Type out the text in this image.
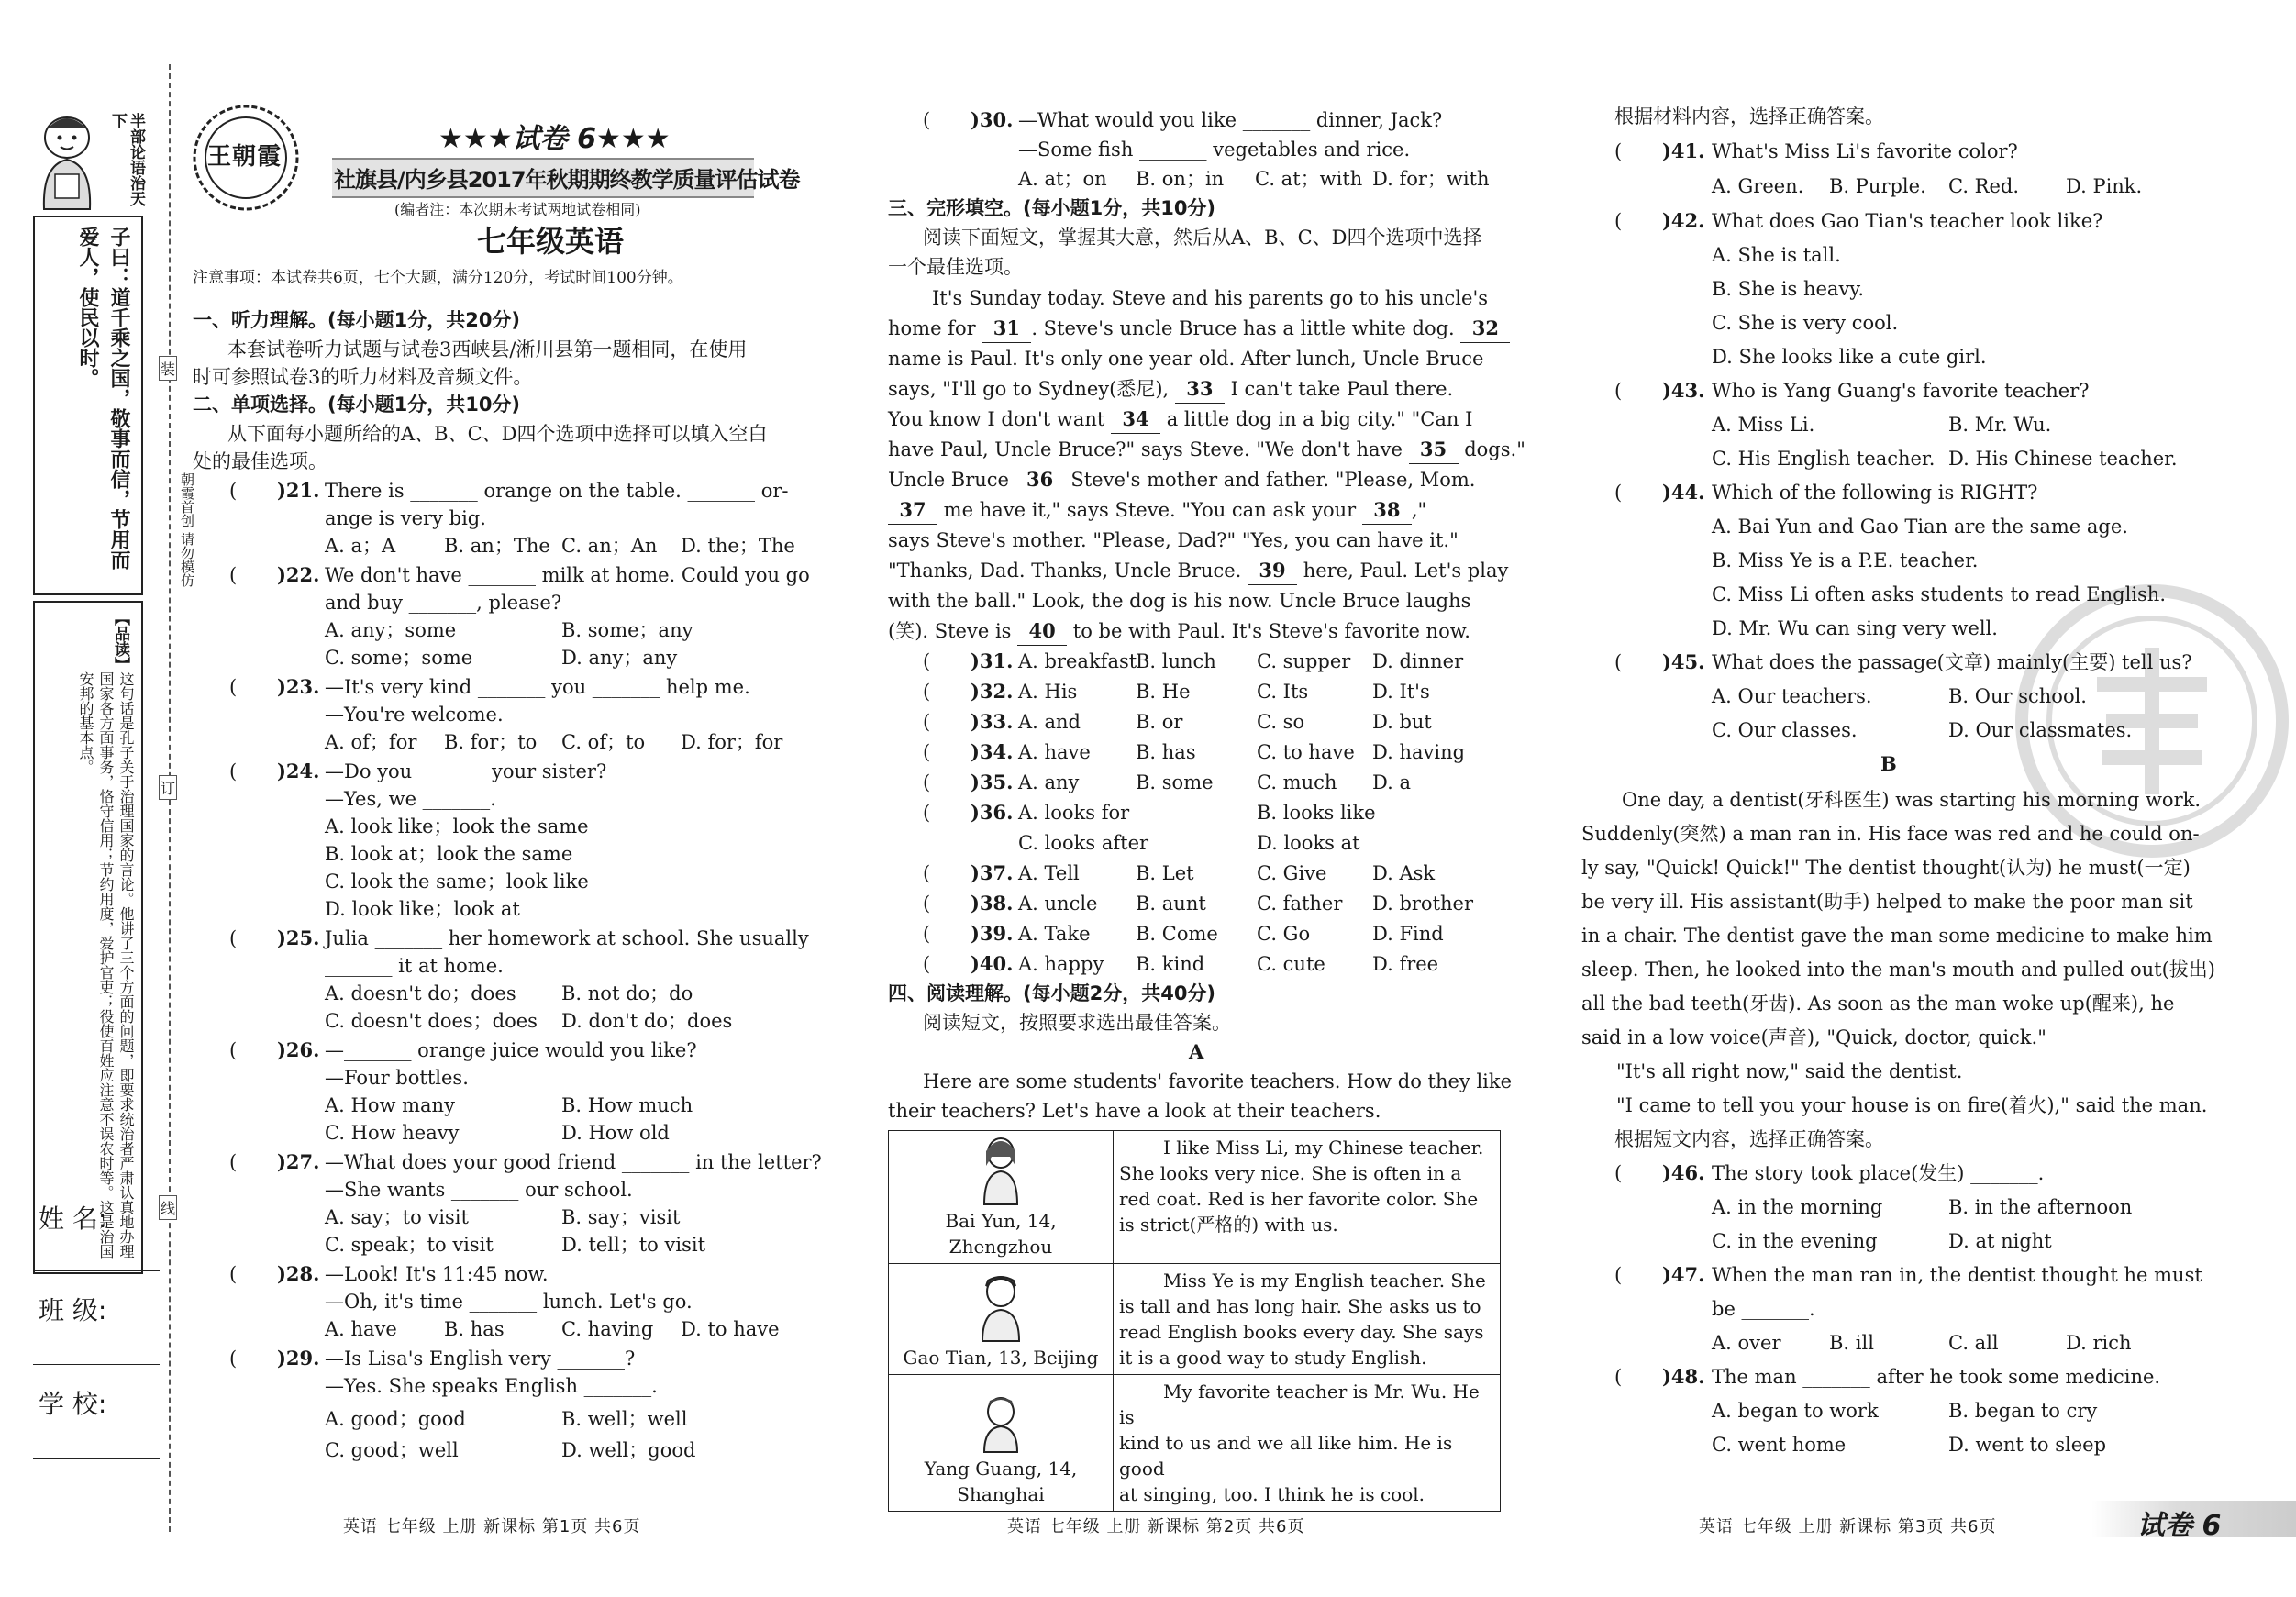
半部论语治天下
子曰：道千乘之国，敬事而信，节用而爱人，使民以时。
【品读】
这句话是孔子关于治理国家的言论。他讲了三个方面的问题，即要求统治者严肃认真地办理国家各方面事务，恪守信用；节约用度，爱护官吏；役使百姓应注意不误农时等。这是治国安邦的基本点。
朝霞首创 请勿模仿
姓 名:
班 级:
学 校:
装
订
线
王朝霞
★★★试卷 6★★★
社旗县/内乡县2017年秋期期终教学质量评估试卷
(编者注：本次期末考试两地试卷相同)
七年级英语
注意事项：本试卷共6页，七个大题，满分120分，考试时间100分钟。
一、听力理解。(每小题1分，共20分)
本套试卷听力试题与试卷3西峡县/淅川县第一题相同，在使用
时可参照试卷3的听力材料及音频文件。
二、单项选择。(每小题1分，共10分)
从下面每小题所给的A、B、C、D四个选项中选择可以填入空白
处的最佳选项。
( )21. There is _______ orange on the table. _______ or-
ange is very big.
A. a；A	B. an；The C. an；An D. the；The
( )22. We don't have _______ milk at home. Could you go
and buy _______, please?
A. any；some	B. some；any
C. some；some	D. any；any
( )23. —It's very kind _______ you _______ help me.
—You're welcome.
A. of；for B. for；to C. of；to D. for；for
( )24. —Do you _______ your sister?
—Yes, we _______.
A. look like；look the same
B. look at；look the same
C. look the same；look like
D. look like；look at
( )25. Julia _______ her homework at school. She usually
_______ it at home.
A. doesn't do；does B. not do；do
C. doesn't does；does D. don't do；does
( )26. —_______ orange juice would you like?
—Four bottles.
A. How many	B. How much
C. How heavy	D. How old
( )27. —What does your good friend _______ in the letter?
—She wants _______ our school.
A. say；to visit	B. say；visit
C. speak；to visit	D. tell；to visit
( )28. —Look! It's 11:45 now.
—Oh, it's time _______ lunch. Let's go.
A. have B. has	C. having D. to have
( )29. —Is Lisa's English very _______?
—Yes. She speaks English _______.
A. good；good	B. well；well
C. good；well	D. well；good
英语 七年级 上册 新课标 第1页 共6页
( )30. —What would you like _______ dinner, Jack?
—Some fish _______ vegetables and rice.
A. at；on B. on；in C. at；with D. for；with
三、完形填空。(每小题1分，共10分)
阅读下面短文，掌握其大意，然后从A、B、C、D四个选项中选择
一个最佳选项。
It's Sunday today. Steve and his parents go to his uncle's
home for 31 . Steve's uncle Bruce has a little white dog. 32
name is Paul. It's only one year old. After lunch, Uncle Bruce
says, "I'll go to Sydney(悉尼), 33 I can't take Paul there.
You know I don't want 34 a little dog in a big city." "Can I
have Paul, Uncle Bruce?" says Steve. "We don't have 35 dogs."
Uncle Bruce 36 Steve's mother and father. "Please, Mom.
37 me have it," says Steve. "You can ask your 38 ,"
says Steve's mother. "Please, Dad?" "Yes, you can have it."
"Thanks, Dad. Thanks, Uncle Bruce. 39 here, Paul. Let's play
with the ball." Look, the dog is his now. Uncle Bruce laughs
(笑). Steve is 40 to be with Paul. It's Steve's favorite now.
( )31. A. breakfast
B. lunch C. supper D. dinner
( )32. A. His	B. He	C. Its	D. It's
( )33. A. and	B. or	C. so	D. but
( )34. A. have B. has	C. to have D. having
( )35. A. any	B. some C. much D. a
( )36. A. looks for	B. looks like
C. looks after	D. looks at
( )37. A. Tell	B. Let	C. Give D. Ask
( )38. A. uncle B. aunt	C. father D. brother
( )39. A. Take B. Come C. Go	D. Find
( )40. A. happy B. kind	C. cute D. free
四、阅读理解。(每小题2分，共40分)
阅读短文，按照要求选出最佳答案。
A
Here are some students' favorite teachers. How do they like
their teachers? Let's have a look at their teachers.
Bai Yun, 14, Zhengzhou	I like Miss Li, my Chinese teacher.
She looks very nice. She is often in a
red coat. Red is her favorite color. She
is strict(严格的) with us.

Gao Tian, 13, Beijing	Miss Ye is my English teacher. She
is tall and has long hair. She asks us to
read English books every day. She says
it is a good way to study English.

Yang Guang, 14, Shanghai	My favorite teacher is Mr. Wu. He is
kind to us and we all like him. He is good
at singing, too. I think he is cool.
英语 七年级 上册 新课标 第2页 共6页
根据材料内容，选择正确答案。
( )41. What's Miss Li's favorite color?
A. Green. B. Purple. C. Red. D. Pink.
( )42. What does Gao Tian's teacher look like?
A. She is tall.
B. She is heavy.
C. She is very cool.
D. She looks like a cute girl.
( )43. Who is Yang Guang's favorite teacher?
A. Miss Li.	B. Mr. Wu.
C. His English teacher. D. His Chinese teacher.
( )44. Which of the following is RIGHT?
A. Bai Yun and Gao Tian are the same age.
B. Miss Ye is a P.E. teacher.
C. Miss Li often asks students to read English.
D. Mr. Wu can sing very well.
( )45. What does the passage(文章) mainly(主要) tell us?
A. Our teachers.	B. Our school.
C. Our classes.	D. Our classmates.
B
One day, a dentist(牙科医生) was starting his morning work.
Suddenly(突然) a man ran in. His face was red and he could on-
ly say, "Quick! Quick!" The dentist thought(认为) he must(一定)
be very ill. His assistant(助手) helped to make the poor man sit
in a chair. The dentist gave the man some medicine to make him
sleep. Then, he looked into the man's mouth and pulled out(拔出)
all the bad teeth(牙齿). As soon as the man woke up(醒来), he
said in a low voice(声音), "Quick, doctor, quick."
"It's all right now," said the dentist.
"I came to tell you your house is on fire(着火)," said the man.
根据短文内容，选择正确答案。
( )46. The story took place(发生) _______.
A. in the morning	B. in the afternoon
C. in the evening	D. at night
( )47. When the man ran in, the dentist thought he must
be _______.
A. over	B. ill	C. all	D. rich
( )48. The man _______ after he took some medicine.
A. began to work	B. began to cry
C. went home	D. went to sleep
英语 七年级 上册 新课标 第3页 共6页	试卷 6
